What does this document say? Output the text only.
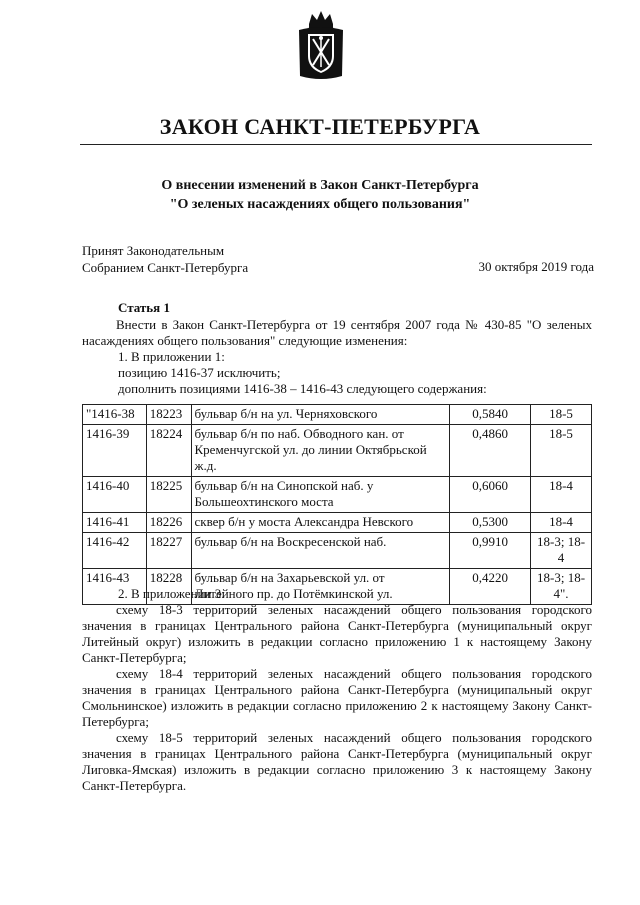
ЗАКОН САНКТ-ПЕТЕРБУРГА
О внесении изменений в Закон Санкт-Петербурга
"О зеленых насаждениях общего пользования"
Принят Законодательным
Собранием Санкт-Петербурга	30 октября 2019 года
Статья 1
Внести в Закон Санкт-Петербурга от 19 сентября 2007 года № 430-85 "О зеленых насаждениях общего пользования" следующие изменения:
1. В приложении 1:
позицию 1416-37 исключить;
дополнить позициями 1416-38 – 1416-43 следующего содержания:
"1416-38	18223	бульвар б/н на ул. Черняховского	0,5840	18-5
1416-39	18224	бульвар б/н по наб. Обводного кан. от Кременчугской ул. до линии Октябрьской ж.д.	0,4860	18-5
1416-40	18225	бульвар б/н на Синопской наб. у Большеохтинского моста	0,6060	18-4
1416-41	18226	сквер б/н у моста Александра Невского	0,5300	18-4
1416-42	18227	бульвар б/н на Воскресенской наб.	0,9910	18-3; 18-4
1416-43	18228	бульвар б/н на Захарьевской ул. от Литейного пр. до Потёмкинской ул.	0,4220	18-3; 18-4".
2. В приложении 3:
схему 18-3 территорий зеленых насаждений общего пользования городского значения в границах Центрального района Санкт-Петербурга (муниципальный округ Литейный округ) изложить в редакции согласно приложению 1 к настоящему Закону Санкт-Петербурга;
схему 18-4 территорий зеленых насаждений общего пользования городского значения в границах Центрального района Санкт-Петербурга (муниципальный округ Смольнинское) изложить в редакции согласно приложению 2 к настоящему Закону Санкт-Петербурга;
схему 18-5 территорий зеленых насаждений общего пользования городского значения в границах Центрального района Санкт-Петербурга (муниципальный округ Лиговка-Ямская) изложить в редакции согласно приложению 3 к настоящему Закону Санкт-Петербурга.
